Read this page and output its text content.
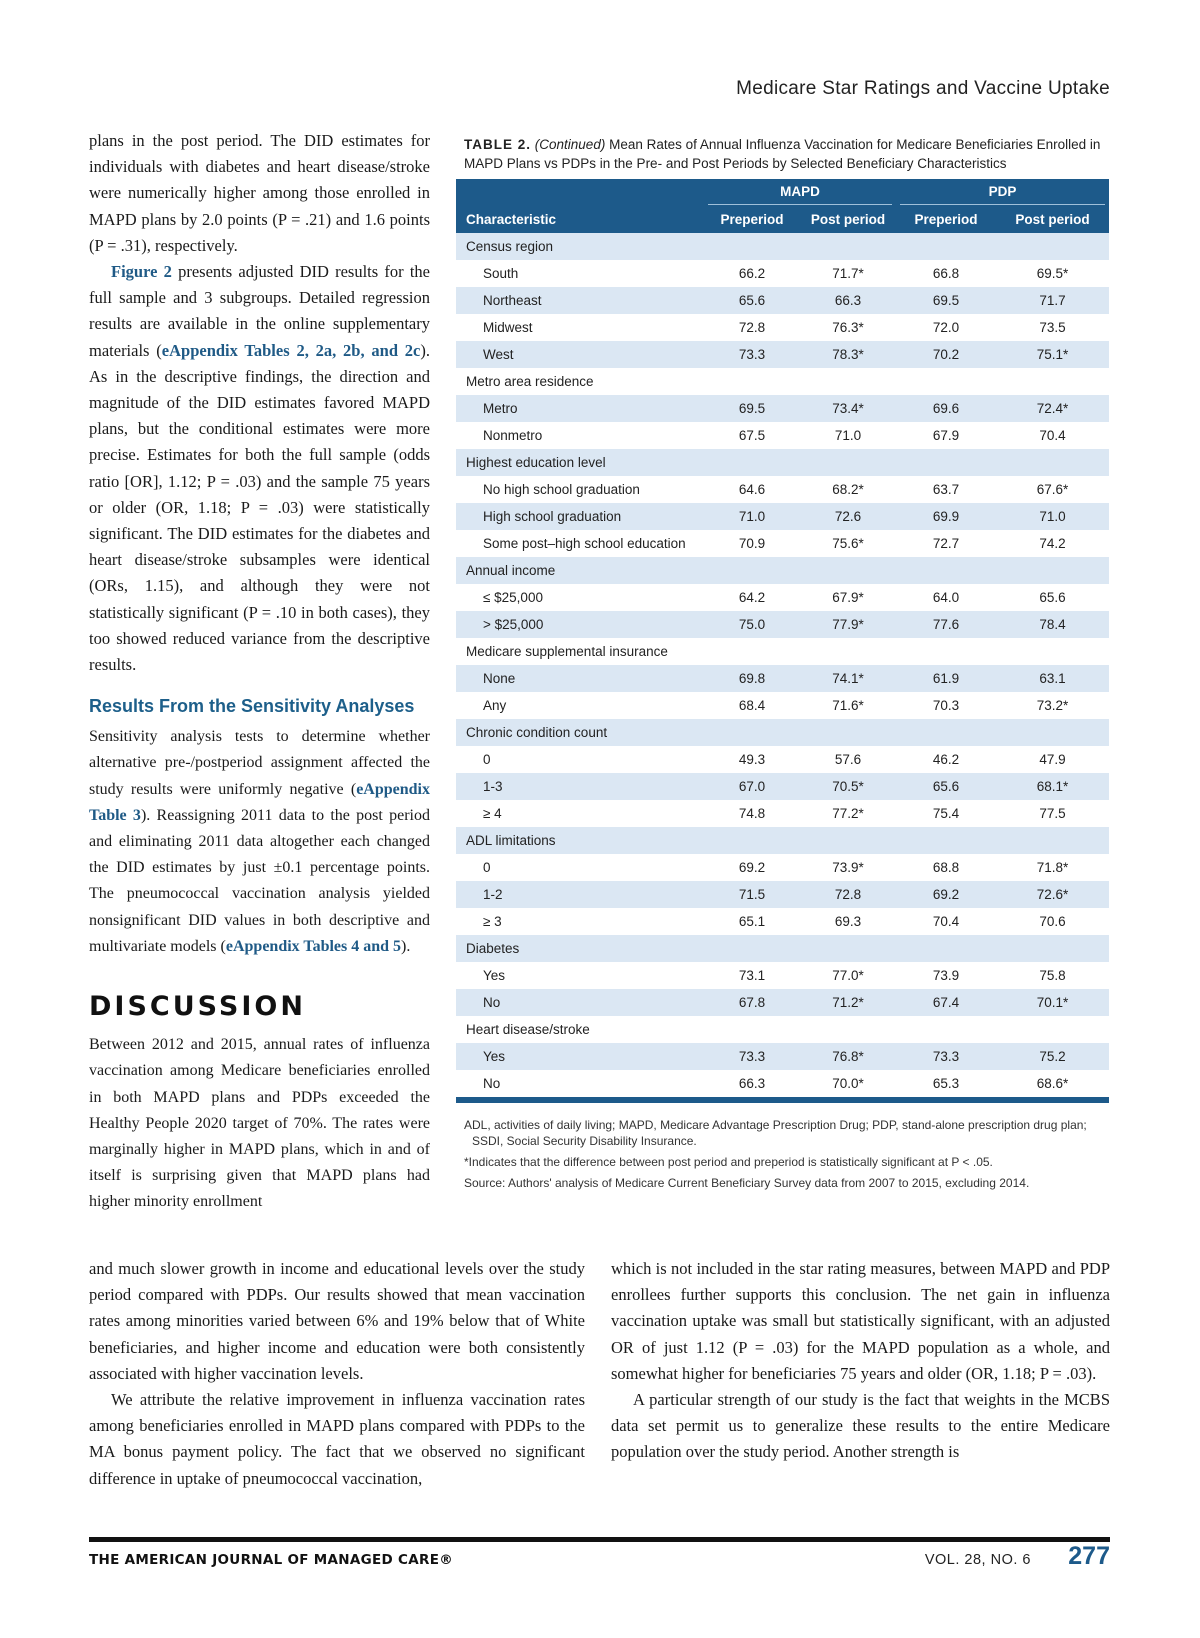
Medicare Star Ratings and Vaccine Uptake

plans in the post period. The DID estimates for individuals with diabetes and heart disease/stroke were numerically higher among those enrolled in MAPD plans by 2.0 points (P = .21) and 1.6 points (P = .31), respectively.

Figure 2 presents adjusted DID results for the full sample and 3 subgroups. Detailed regression results are available in the online supplementary materials (eAppendix Tables 2, 2a, 2b, and 2c). As in the descriptive findings, the direction and magnitude of the DID estimates favored MAPD plans, but the conditional estimates were more precise. Estimates for both the full sample (odds ratio [OR], 1.12; P = .03) and the sample 75 years or older (OR, 1.18; P = .03) were statistically significant. The DID estimates for the diabetes and heart disease/stroke subsamples were identical (ORs, 1.15), and although they were not statistically significant (P = .10 in both cases), they too showed reduced variance from the descriptive results.

Results From the Sensitivity Analyses

Sensitivity analysis tests to determine whether alternative pre-/postperiod assignment affected the study results were uniformly negative (eAppendix Table 3). Reassigning 2011 data to the post period and eliminating 2011 data altogether each changed the DID estimates by just ±0.1 percentage points. The pneumococcal vaccination analysis yielded nonsignificant DID values in both descriptive and multivariate models (eAppendix Tables 4 and 5).

DISCUSSION

Between 2012 and 2015, annual rates of influenza vaccination among Medicare beneficiaries enrolled in both MAPD plans and PDPs exceeded the Healthy People 2020 target of 70%. The rates were marginally higher in MAPD plans, which in and of itself is surprising given that MAPD plans had higher minority enrollment

TABLE 2. (Continued) Mean Rates of Annual Influenza Vaccination for Medicare Beneficiaries Enrolled in MAPD Plans vs PDPs in the Pre- and Post Periods by Selected Beneficiary Characteristics

	MAPD		PDP	

Characteristic	Preperiod	Post period	Preperiod	Post period
Census region				
South	66.2	71.7*	66.8	69.5*
Northeast	65.6	66.3	69.5	71.7
Midwest	72.8	76.3*	72.0	73.5
West	73.3	78.3*	70.2	75.1*
Metro area residence				
Metro	69.5	73.4*	69.6	72.4*
Nonmetro	67.5	71.0	67.9	70.4
Highest education level				
No high school graduation	64.6	68.2*	63.7	67.6*
High school graduation	71.0	72.6	69.9	71.0
Some post–high school education	70.9	75.6*	72.7	74.2
Annual income				
≤ $25,000	64.2	67.9*	64.0	65.6
> $25,000	75.0	77.9*	77.6	78.4
Medicare supplemental insurance				
None	69.8	74.1*	61.9	63.1
Any	68.4	71.6*	70.3	73.2*
Chronic condition count				
0	49.3	57.6	46.2	47.9
1-3	67.0	70.5*	65.6	68.1*
≥ 4	74.8	77.2*	75.4	77.5
ADL limitations				
0	69.2	73.9*	68.8	71.8*
1-2	71.5	72.8	69.2	72.6*
≥ 3	65.1	69.3	70.4	70.6
Diabetes				
Yes	73.1	77.0*	73.9	75.8
No	67.8	71.2*	67.4	70.1*
Heart disease/stroke				
Yes	73.3	76.8*	73.3	75.2
No	66.3	70.0*	65.3	68.6*
ADL, activities of daily living; MAPD, Medicare Advantage Prescription Drug; PDP, stand-alone prescription drug plan; SSDI, Social Security Disability Insurance.
*Indicates that the difference between post period and preperiod is statistically significant at P < .05.
Source: Authors' analysis of Medicare Current Beneficiary Survey data from 2007 to 2015, excluding 2014.

and much slower growth in income and educational levels over the study period compared with PDPs. Our results showed that mean vaccination rates among minorities varied between 6% and 19% below that of White beneficiaries, and higher income and education were both consistently associated with higher vaccination levels.

We attribute the relative improvement in influenza vaccination rates among beneficiaries enrolled in MAPD plans compared with PDPs to the MA bonus payment policy. The fact that we observed no significant difference in uptake of pneumococcal vaccination,

which is not included in the star rating measures, between MAPD and PDP enrollees further supports this conclusion. The net gain in influenza vaccination uptake was small but statistically significant, with an adjusted OR of just 1.12 (P = .03) for the MAPD population as a whole, and somewhat higher for beneficiaries 75 years and older (OR, 1.18; P = .03).

A particular strength of our study is the fact that weights in the MCBS data set permit us to generalize these results to the entire Medicare population over the study period. Another strength is

THE AMERICAN JOURNAL OF MANAGED CARE®	VOL. 28, NO. 6 277
